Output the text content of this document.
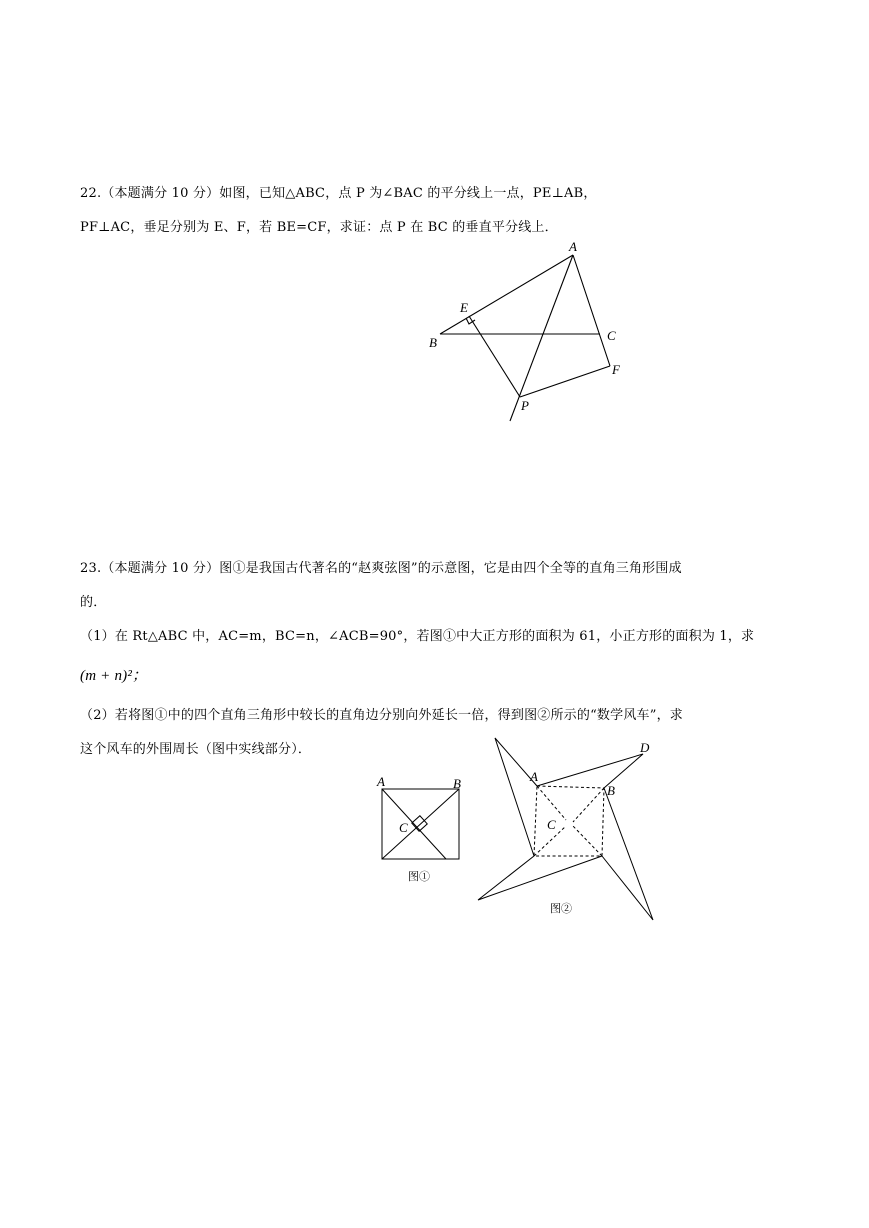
22.（本题满分 10 分）如图，已知△ABC，点 P 为∠BAC 的平分线上一点，PE⊥AB，
PF⊥AC，垂足分别为 E、F，若 BE=CF，求证：点 P 在 BC 的垂直平分线上．
A
B	C
E
F
P
23.（本题满分 10 分）图①是我国古代著名的“赵爽弦图”的示意图，它是由四个全等的直角三角形围成
的．
（1）在 Rt△ABC 中，AC=m，BC=n，∠ACB=90°，若图①中大正方形的面积为 61，小正方形的面积为 1，求
(m + n)²；
（2）若将图①中的四个直角三角形中较长的直角边分别向外延长一倍，得到图②所示的“数学风车”，求
这个风车的外围周长（图中实线部分）．
A	B
C
图①
A
B
C
D
图②
